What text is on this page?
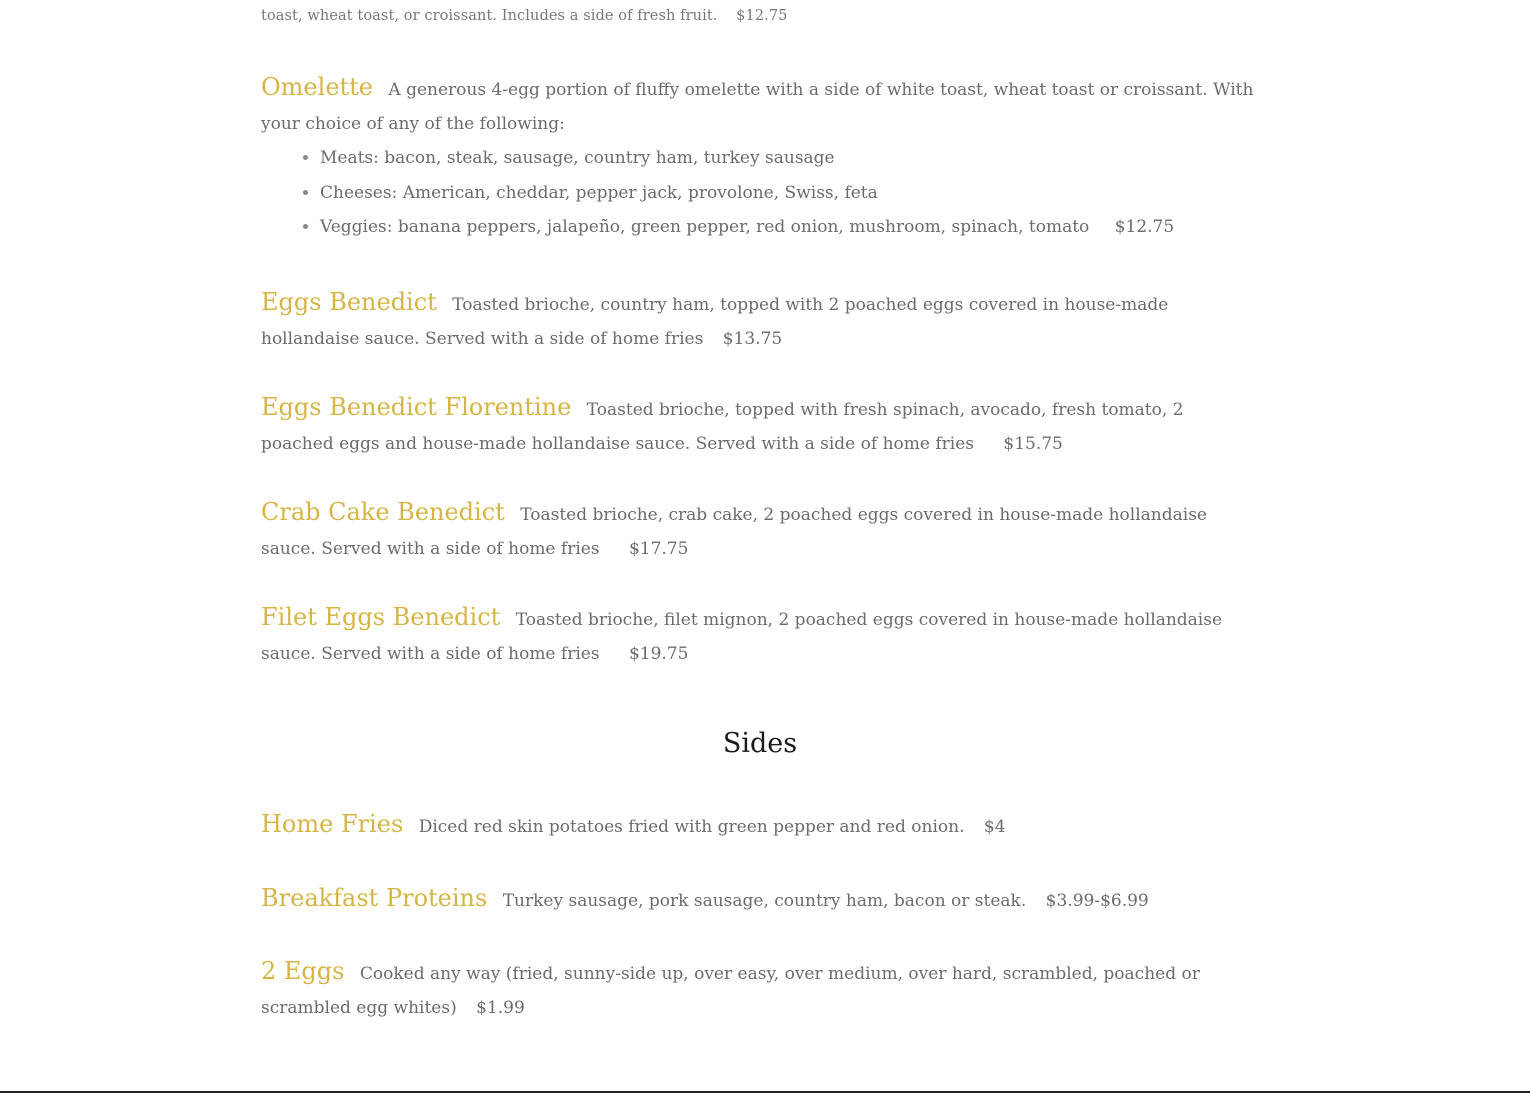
toast, wheat toast, or croissant. Includes a side of fresh fruit. $12.75
Omelette A generous 4-egg portion of fluffy omelette with a side of white toast, wheat toast or croissant. With your choice of any of the following:
• Meats: bacon, steak, sausage, country ham, turkey sausage
• Cheeses: American, cheddar, pepper jack, provolone, Swiss, feta
• Veggies: banana peppers, jalapeño, green pepper, red onion, mushroom, spinach, tomato $12.75
Eggs Benedict Toasted brioche, country ham, topped with 2 poached eggs covered in house-made hollandaise sauce. Served with a side of home fries $13.75
Eggs Benedict Florentine Toasted brioche, topped with fresh spinach, avocado, fresh tomato, 2 poached eggs and house-made hollandaise sauce. Served with a side of home fries $15.75
Crab Cake Benedict Toasted brioche, crab cake, 2 poached eggs covered in house-made hollandaise sauce. Served with a side of home fries $17.75
Filet Eggs Benedict Toasted brioche, filet mignon, 2 poached eggs covered in house-made hollandaise sauce. Served with a side of home fries $19.75
Sides
Home Fries Diced red skin potatoes fried with green pepper and red onion. $4
Breakfast Proteins Turkey sausage, pork sausage, country ham, bacon or steak. $3.99-$6.99
2 Eggs Cooked any way (fried, sunny-side up, over easy, over medium, over hard, scrambled, poached or scrambled egg whites) $1.99
